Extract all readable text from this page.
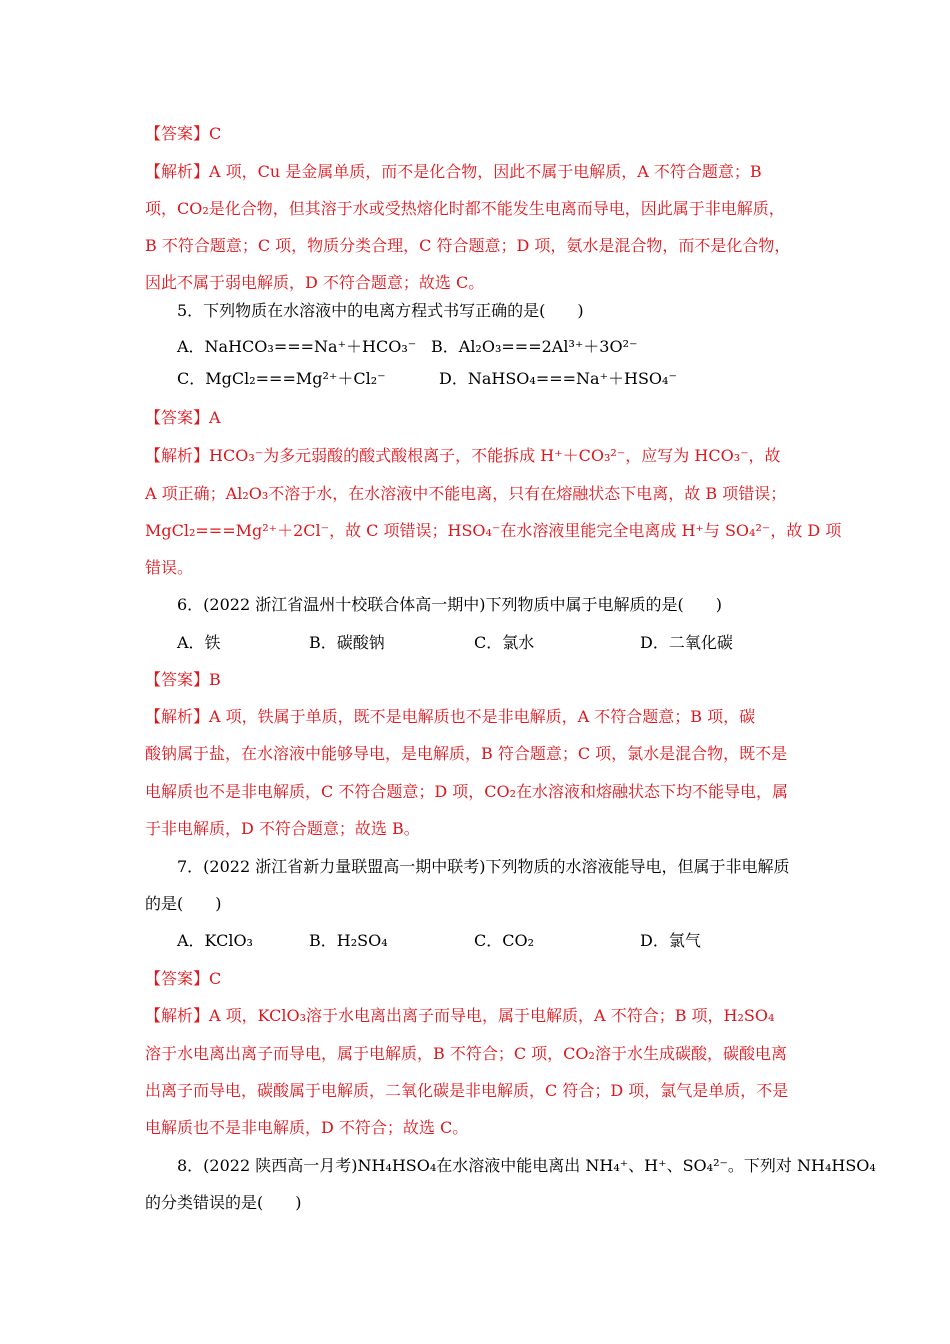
【答案】C
【解析】A 项，Cu 是金属单质，而不是化合物，因此不属于电解质，A 不符合题意；B
项，CO₂是化合物，但其溶于水或受热熔化时都不能发生电离而导电，因此属于非电解质，
B 不符合题意；C 项，物质分类合理，C 符合题意；D 项，氨水是混合物，而不是化合物，
因此不属于弱电解质，D 不符合题意；故选 C。
5．下列物质在水溶液中的电离方程式书写正确的是(　　)
A．NaHCO₃===Na⁺＋HCO₃⁻ B．Al₂O₃===2Al³⁺＋3O²⁻
C．MgCl₂===Mg²⁺＋Cl₂⁻	D．NaHSO₄===Na⁺＋HSO₄⁻
【答案】A
【解析】HCO₃⁻为多元弱酸的酸式酸根离子，不能拆成 H⁺＋CO₃²⁻，应写为 HCO₃⁻，故
A 项正确；Al₂O₃不溶于水，在水溶液中不能电离，只有在熔融状态下电离，故 B 项错误；
MgCl₂===Mg²⁺＋2Cl⁻，故 C 项错误；HSO₄⁻在水溶液里能完全电离成 H⁺与 SO₄²⁻，故 D 项
错误。
6．(2022 浙江省温州十校联合体高一期中)下列物质中属于电解质的是(　　)
A．铁	B．碳酸钠	C．氯水	D．二氧化碳
【答案】B
【解析】A 项，铁属于单质，既不是电解质也不是非电解质，A 不符合题意；B 项，碳
酸钠属于盐，在水溶液中能够导电，是电解质，B 符合题意；C 项，氯水是混合物，既不是
电解质也不是非电解质，C 不符合题意；D 项，CO₂在水溶液和熔融状态下均不能导电，属
于非电解质，D 不符合题意；故选 B。
7．(2022 浙江省新力量联盟高一期中联考)下列物质的水溶液能导电，但属于非电解质
的是(　　)
A．KClO₃	B．H₂SO₄	C．CO₂	D．氯气
【答案】C
【解析】A 项，KClO₃溶于水电离出离子而导电，属于电解质，A 不符合；B 项，H₂SO₄
溶于水电离出离子而导电，属于电解质，B 不符合；C 项，CO₂溶于水生成碳酸，碳酸电离
出离子而导电，碳酸属于电解质，二氧化碳是非电解质，C 符合；D 项，氯气是单质，不是
电解质也不是非电解质，D 不符合；故选 C。
8．(2022 陕西高一月考)NH₄HSO₄在水溶液中能电离出 NH₄⁺、H⁺、SO₄²⁻。下列对 NH₄HSO₄
的分类错误的是(　　)
